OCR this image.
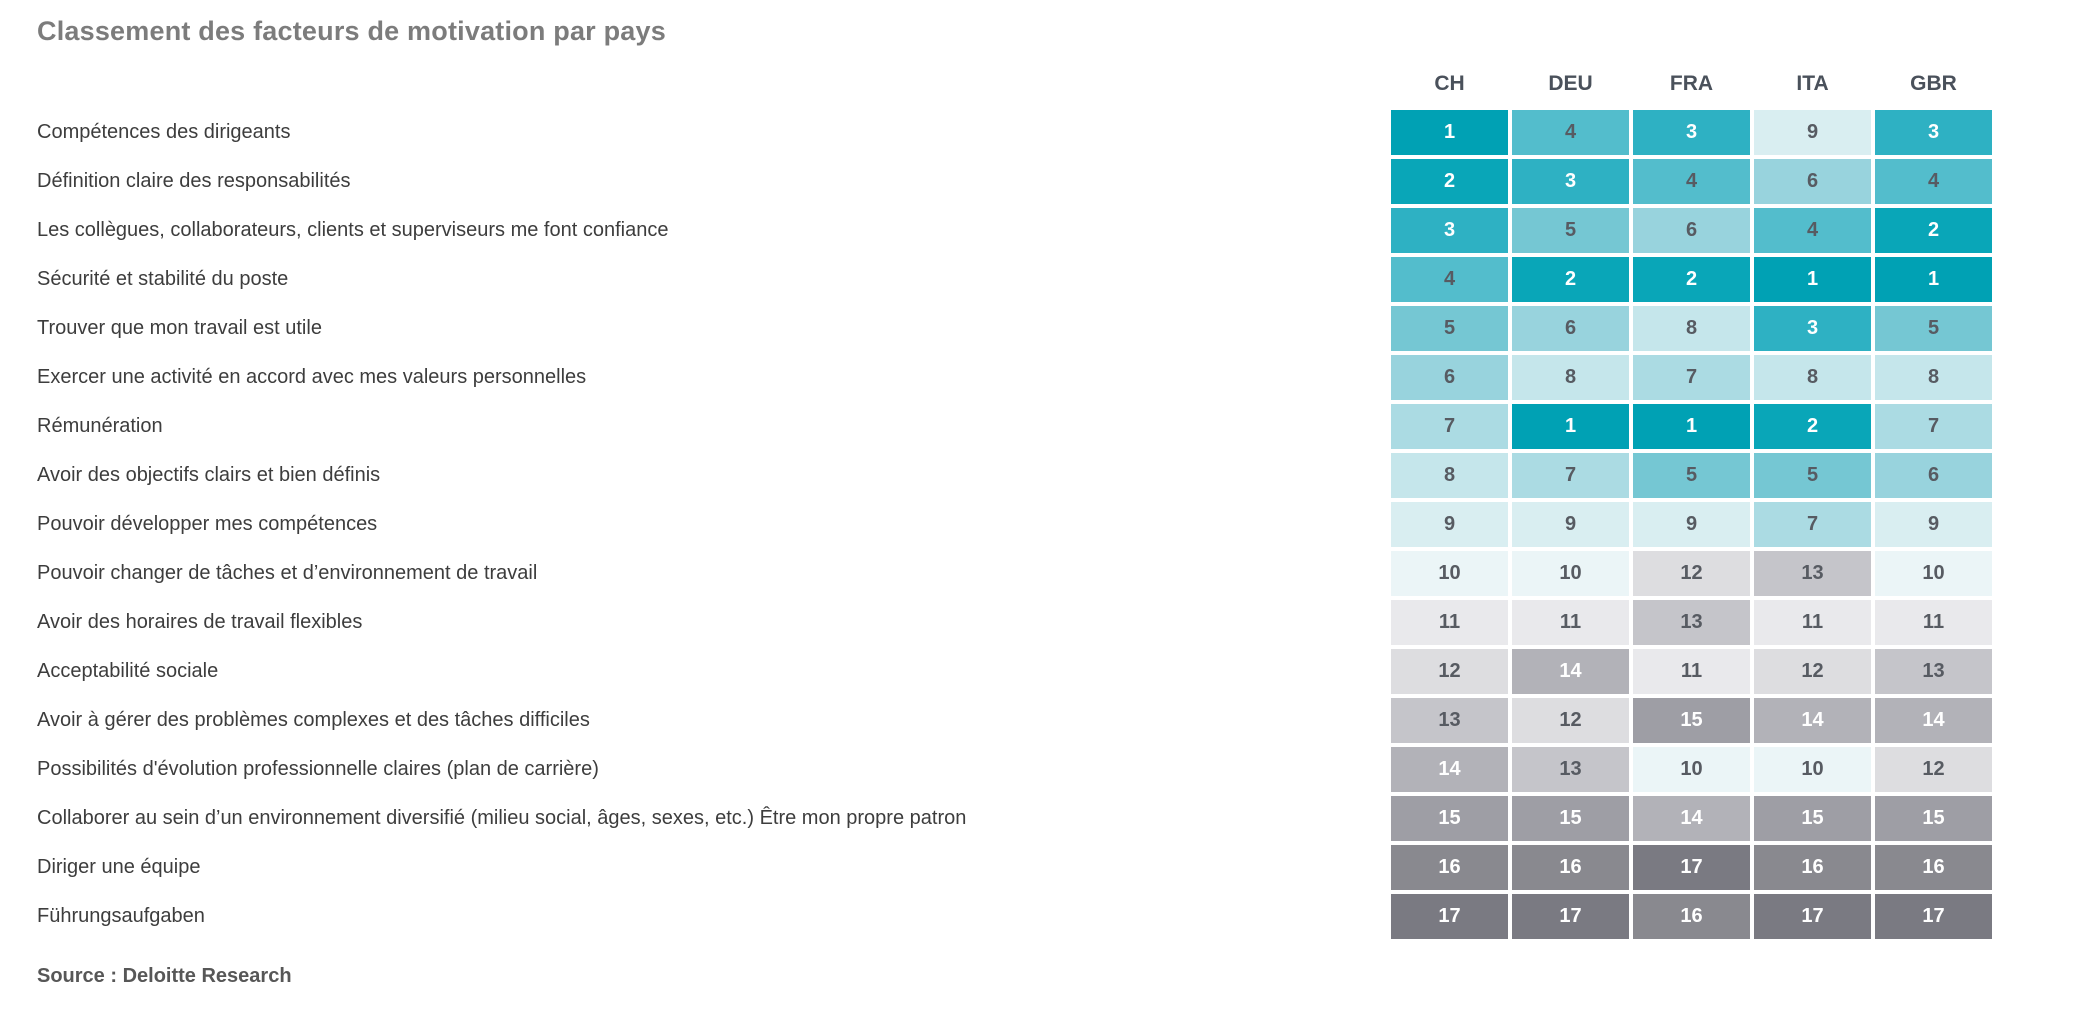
Classement des facteurs de motivation par pays
CH	DEU	FRA	ITA	GBR
Compétences des dirigeants	1	4	3	9	3
Définition claire des responsabilités	2	3	4	6	4
Les collègues, collaborateurs, clients et superviseurs me font confiance	3	5	6	4	2
Sécurité et stabilité du poste	4	2	2	1	1
Trouver que mon travail est utile	5	6	8	3	5
Exercer une activité en accord avec mes valeurs personnelles	6	8	7	8	8
Rémunération	7	1	1	2	7
Avoir des objectifs clairs et bien définis	8	7	5	5	6
Pouvoir développer mes compétences	9	9	9	7	9
Pouvoir changer de tâches et d’environnement de travail	10	10	12	13	10
Avoir des horaires de travail flexibles	11	11	13	11	11
Acceptabilité sociale	12	14	11	12	13
Avoir à gérer des problèmes complexes et des tâches difficiles	13	12	15	14	14
Possibilités d'évolution professionnelle claires (plan de carrière)	14	13	10	10	12
Collaborer au sein d’un environnement diversifié (milieu social, âges, sexes, etc.) Être mon propre patron	15	15	14	15	15
Diriger une équipe	16	16	17	16	16
Führungsaufgaben	17	17	16	17	17
Source : Deloitte Research
